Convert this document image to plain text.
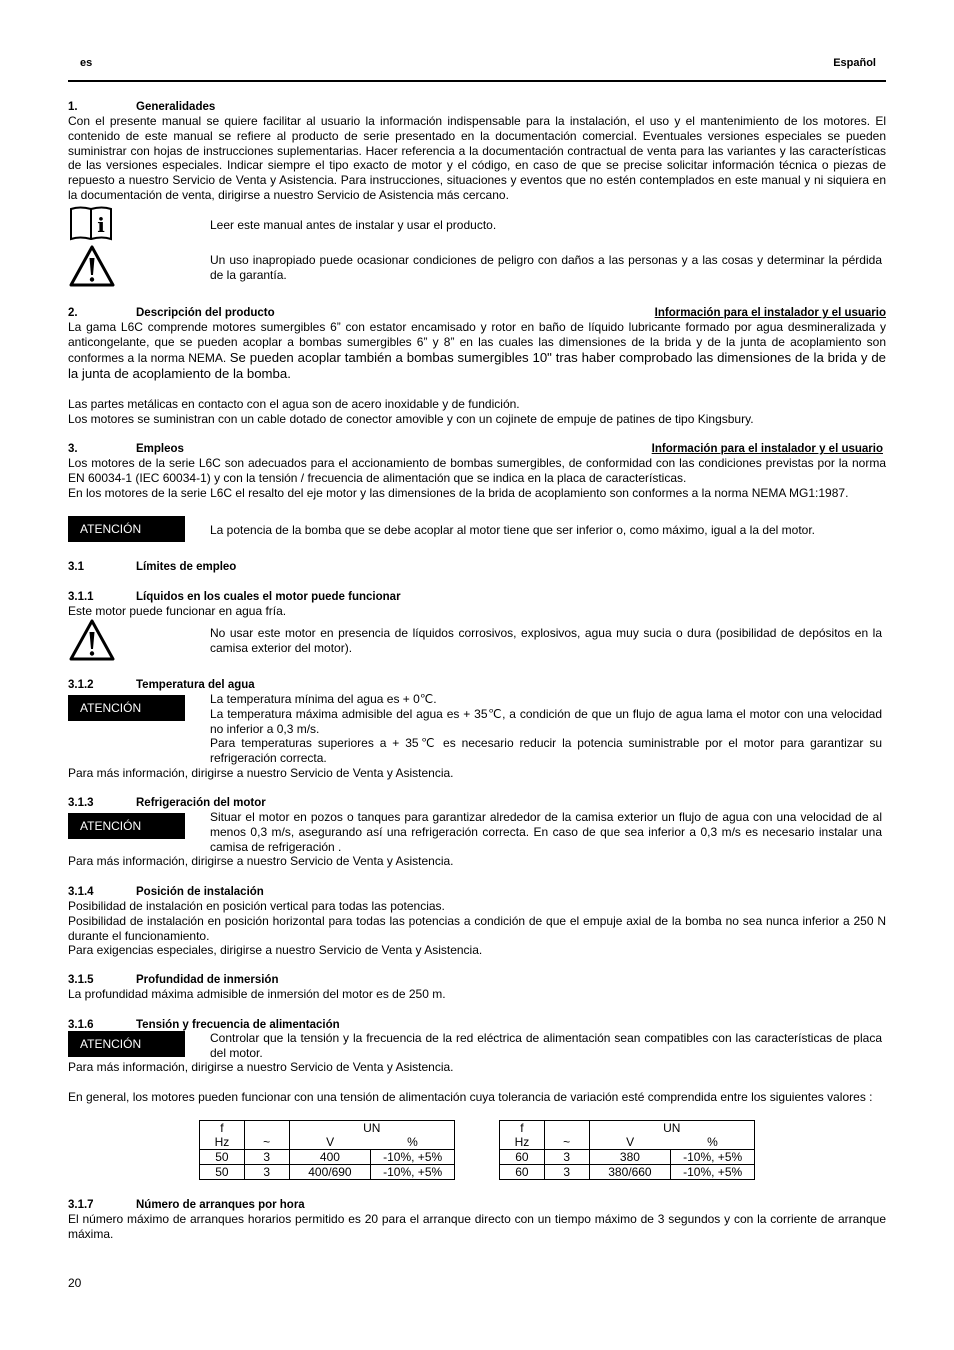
es	Español
1.	Generalidades

Con el presente manual se quiere facilitar al usuario la información indispensable para la instalación, el uso y el mantenimiento de los motores. El contenido de este manual se refiere al producto de serie presentado en la documentación comercial. Eventuales versiones especiales se pueden suministrar con hojas de instrucciones suplementarias. Hacer referencia a la documentación contractual de venta para las variantes y las características de las versiones especiales. Indicar siempre el tipo exacto de motor y el código, en caso de que se precise solicitar información técnica o piezas de repuesto a nuestro Servicio de Venta y Asistencia. Para instrucciones, situaciones y eventos que no estén contemplados en este manual y ni siquiera en la documentación de venta, dirigirse a nuestro Servicio de Asistencia más cercano.

i	Leer este manual antes de instalar y usar el producto.
Un uso inapropiado puede ocasionar condiciones de peligro con daños a las personas y a las cosas y determinar la pérdida de la garantía.
2.	Descripción del producto	Información para el instalador y el usuario

La gama L6C comprende motores sumergibles 6” con estator encamisado y rotor en baño de líquido lubricante formado por agua desmineralizada y anticongelante, que se pueden acoplar a bombas sumergibles 6” y 8” en las cuales las dimensiones de la brida y de la junta de acoplamiento son conformes a la norma NEMA. Se pueden acoplar también a bombas sumergibles 10" tras haber comprobado las dimensiones de la brida y de la junta de acoplamiento de la bomba.

Las partes metálicas en contacto con el agua son de acero inoxidable y de fundición.

Los motores se suministran con un cable dotado de conector amovible y con un cojinete de empuje de patines de tipo Kingsbury.

3.	Empleos	Información para el instalador y el usuario

Los motores de la serie L6C son adecuados para el accionamiento de bombas sumergibles, de conformidad con las condiciones previstas por la norma EN 60034-1 (IEC 60034-1) y con la tensión / frecuencia de alimentación que se indica en la placa de características.

En los motores de la serie L6C el resalto del eje motor y las dimensiones de la brida de acoplamiento son conformes a la norma NEMA MG1:1987.

ATENCIÓN	La potencia de la bomba que se debe acoplar al motor tiene que ser inferior o, como máximo, igual a la del motor.
3.1	Límites de empleo
3.1.1	Líquidos en los cuales el motor puede funcionar

Este motor puede funcionar en agua fría.

No usar este motor en presencia de líquidos corrosivos, explosivos, agua muy sucia o dura (posibilidad de depósitos en la camisa exterior del motor).
3.1.2	Temperatura del agua
ATENCIÓN
La temperatura mínima del agua es + 0℃.
La temperatura máxima admisible del agua es + 35℃, a condición de que un flujo de agua lama el motor con una velocidad no inferior a 0,3 m/s.
Para temperaturas superiores a + 35℃ es necesario reducir la potencia suministrable por el motor para garantizar su refrigeración correcta.

Para más información, dirigirse a nuestro Servicio de Venta y Asistencia.

3.1.3	Refrigeración del motor
ATENCIÓN
Situar el motor en pozos o tanques para garantizar alrededor de la camisa exterior un flujo de agua con una velocidad de al menos 0,3 m/s, asegurando así una refrigeración correcta. En caso de que sea inferior a 0,3 m/s es necesario instalar una camisa de refrigeración .

Para más información, dirigirse a nuestro Servicio de Venta y Asistencia.

3.1.4	Posición de instalación

Posibilidad de instalación en posición vertical para todas las potencias.

Posibilidad de instalación en posición horizontal para todas las potencias a condición de que el empuje axial de la bomba no sea nunca inferior a 250 N durante el funcionamiento.

Para exigencias especiales, dirigirse a nuestro Servicio de Venta y Asistencia.

3.1.5	Profundidad de inmersión

La profundidad máxima admisible de inmersión del motor es de 250 m.

3.1.6	Tensión y frecuencia de alimentación
ATENCIÓN	Controlar que la tensión y la frecuencia de la red eléctrica de alimentación sean compatibles con las características de placa del motor.

Para más información, dirigirse a nuestro Servicio de Venta y Asistencia.

En general, los motores pueden funcionar con una tensión de alimentación cuya tolerancia de variación esté comprendida entre los siguientes valores :

f		UN	
Hz	~	V	%
50	3	400	-10%, +5%
50	3	400/690	-10%, +5%
f		UN	
Hz	~	V	%
60	3	380	-10%, +5%
60	3	380/660	-10%, +5%
3.1.7	Número de arranques por hora

El número máximo de arranques horarios permitido es 20 para el arranque directo con un tiempo máximo de 3 segundos y con la corriente de arranque máxima.

20
